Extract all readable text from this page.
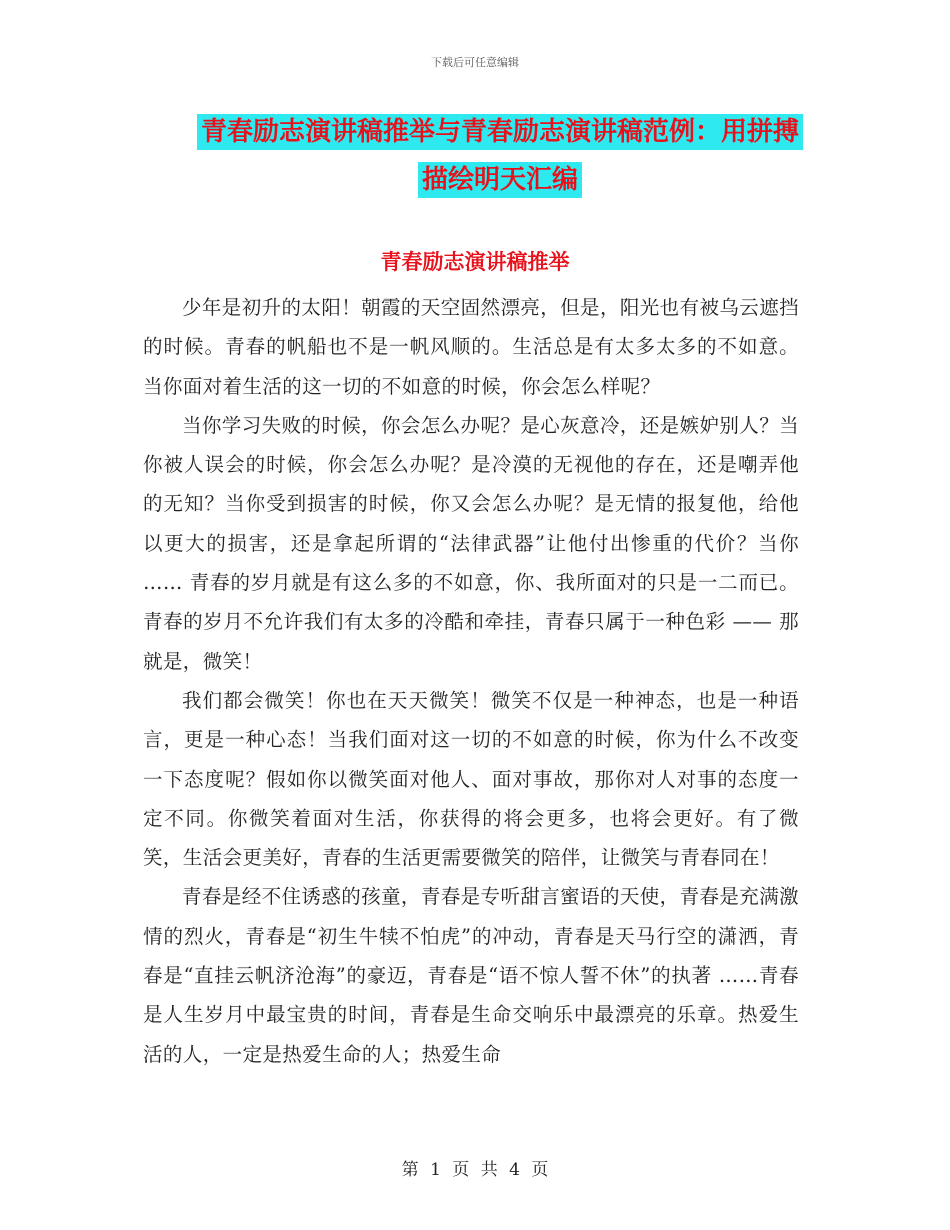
下载后可任意编辑
青春励志演讲稿推举与青春励志演讲稿范例：用拼搏描绘明天汇编
青春励志演讲稿推举

少年是初升的太阳！朝霞的天空固然漂亮，但是，阳光也有被乌云遮挡的时候。青春的帆船也不是一帆风顺的。生活总是有太多太多的不如意。当你面对着生活的这一切的不如意的时候，你会怎么样呢？

当你学习失败的时候，你会怎么办呢？是心灰意冷，还是嫉妒别人？当你被人误会的时候，你会怎么办呢？是冷漠的无视他的存在，还是嘲弄他的无知？当你受到损害的时候，你又会怎么办呢？是无情的报复他，给他以更大的损害，还是拿起所谓的“法律武器”让他付出惨重的代价？当你 …… 青春的岁月就是有这么多的不如意，你、我所面对的只是一二而已。青春的岁月不允许我们有太多的冷酷和牵挂，青春只属于一种色彩 —— 那就是，微笑！

我们都会微笑！你也在天天微笑！微笑不仅是一种神态，也是一种语言，更是一种心态！当我们面对这一切的不如意的时候，你为什么不改变一下态度呢？假如你以微笑面对他人、面对事故，那你对人对事的态度一定不同。你微笑着面对生活，你获得的将会更多，也将会更好。有了微笑，生活会更美好，青春的生活更需要微笑的陪伴，让微笑与青春同在！

青春是经不住诱惑的孩童，青春是专听甜言蜜语的天使，青春是充满激情的烈火，青春是“初生牛犊不怕虎”的冲动，青春是天马行空的潇洒，青春是“直挂云帆济沧海”的豪迈，青春是“语不惊人誓不休”的执著 ……青春是人生岁月中最宝贵的时间，青春是生命交响乐中最漂亮的乐章。热爱生活的人，一定是热爱生命的人；热爱生命

第 1 页 共 4 页
